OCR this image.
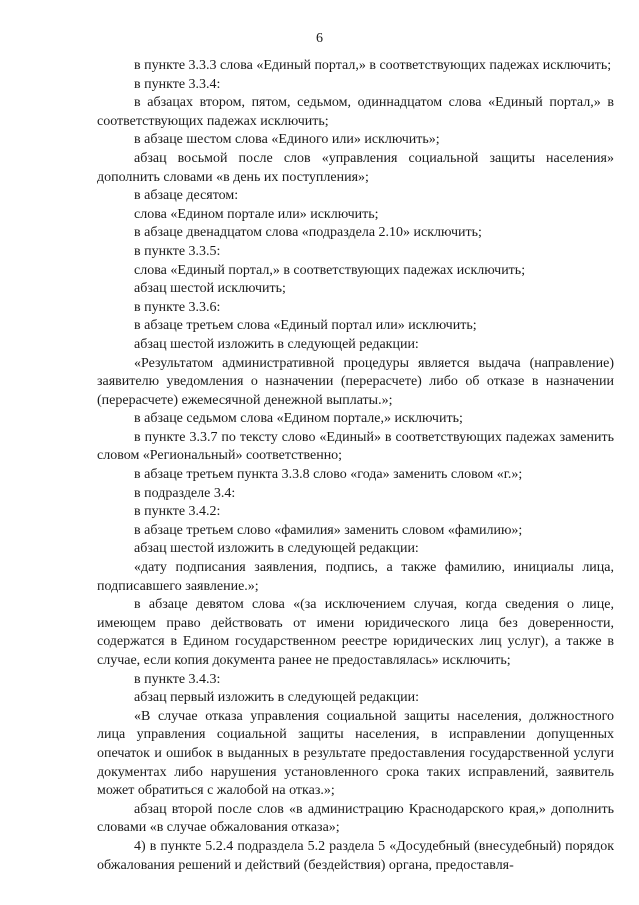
6

в пункте 3.3.3 слова «Единый портал,» в соответствующих падежах исключить;

в пункте 3.3.4:

в абзацах втором, пятом, седьмом, одиннадцатом слова «Единый портал,» в соответствующих падежах исключить;

в абзаце шестом слова «Единого или» исключить»;

абзац восьмой после слов «управления социальной защиты населения» дополнить словами «в день их поступления»;

в абзаце десятом:

слова «Едином портале или» исключить;

в абзаце двенадцатом слова «подраздела 2.10» исключить;

в пункте 3.3.5:

слова «Единый портал,» в соответствующих падежах исключить;

абзац шестой исключить;

в пункте 3.3.6:

в абзаце третьем слова «Единый портал или» исключить;

абзац шестой изложить в следующей редакции:

«Результатом административной процедуры является выдача (направление) заявителю уведомления о назначении (перерасчете) либо об отказе в назначении (перерасчете) ежемесячной денежной выплаты.»;

в абзаце седьмом слова «Едином портале,» исключить;

в пункте 3.3.7 по тексту слово «Единый» в соответствующих падежах заменить словом «Региональный» соответственно;

в абзаце третьем пункта 3.3.8 слово «года» заменить словом «г.»;

в подразделе 3.4:

в пункте 3.4.2:

в абзаце третьем слово «фамилия» заменить словом «фамилию»;

абзац шестой изложить в следующей редакции:

«дату подписания заявления, подпись, а также фамилию, инициалы лица, подписавшего заявление.»;

в абзаце девятом слова «(за исключением случая, когда сведения о лице, имеющем право действовать от имени юридического лица без доверенности, содержатся в Едином государственном реестре юридических лиц услуг), а также в случае, если копия документа ранее не предоставлялась» исключить;

в пункте 3.4.3:

абзац первый изложить в следующей редакции:

«В случае отказа управления социальной защиты населения, должностного лица управления социальной защиты населения, в исправлении допущенных опечаток и ошибок в выданных в результате предоставления государственной услуги документах либо нарушения установленного срока таких исправлений, заявитель может обратиться с жалобой на отказ.»;

абзац второй после слов «в администрацию Краснодарского края,» дополнить словами «в случае обжалования отказа»;

4) в пункте 5.2.4 подраздела 5.2 раздела 5 «Досудебный (внесудебный) порядок обжалования решений и действий (бездействия) органа, предоставля-
